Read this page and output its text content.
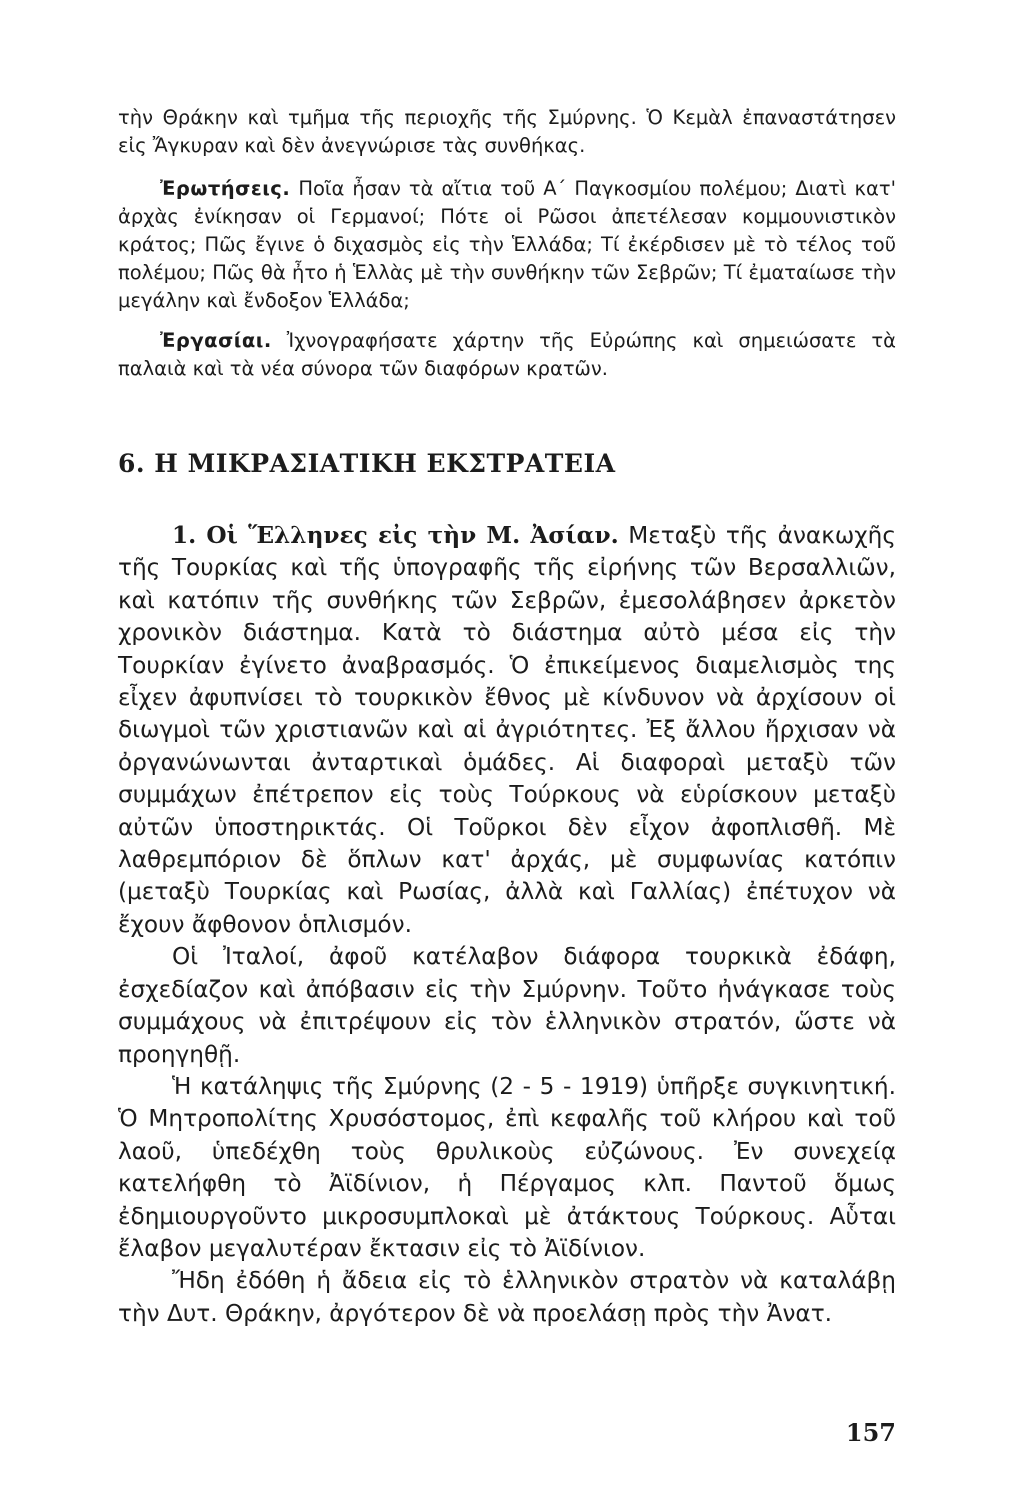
τὴν Θράκην καὶ τμῆμα τῆς περιοχῆς τῆς Σμύρνης. Ὁ Κεμὰλ ἐπαναστάτησεν εἰς Ἄγκυραν καὶ δὲν ἀνεγνώρισε τὰς συνθήκας.

Ἐρωτήσεις. Ποῖα ἦσαν τὰ αἴτια τοῦ Α΄ Παγκοσμίου πολέμου; Διατὶ κατ' ἀρχὰς ἐνίκησαν οἱ Γερμανοί; Πότε οἱ Ρῶσοι ἀπετέλεσαν κομμουνιστικὸν κράτος; Πῶς ἔγινε ὁ διχασμὸς εἰς τὴν Ἑλλάδα; Τί ἐκέρδισεν μὲ τὸ τέλος τοῦ πολέμου; Πῶς θὰ ἦτο ἡ Ἑλλὰς μὲ τὴν συνθήκην τῶν Σεβρῶν; Τί ἐματαίωσε τὴν μεγάλην καὶ ἔνδοξον Ἑλλάδα;

Ἐργασίαι. Ἰχνογραφήσατε χάρτην τῆς Εὐρώπης καὶ σημειώσατε τὰ παλαιὰ καὶ τὰ νέα σύνορα τῶν διαφόρων κρατῶν.

6. Η ΜΙΚΡΑΣΙΑΤΙΚΗ ΕΚΣΤΡΑΤΕΙΑ

1. Οἱ Ἕλληνες εἰς τὴν Μ. Ἀσίαν. Μεταξὺ τῆς ἀνακωχῆς τῆς Τουρκίας καὶ τῆς ὑπογραφῆς τῆς εἰρήνης τῶν Βερσαλλιῶν, καὶ κατόπιν τῆς συνθήκης τῶν Σεβρῶν, ἐμεσολάβησεν ἀρκετὸν χρονικὸν διάστημα. Κατὰ τὸ διάστημα αὐτὸ μέσα εἰς τὴν Τουρκίαν ἐγίνετο ἀναβρασμός. Ὁ ἐπικείμενος διαμελισμὸς της εἶχεν ἀφυπνίσει τὸ τουρκικὸν ἔθνος μὲ κίνδυνον νὰ ἀρχίσουν οἱ διωγμοὶ τῶν χριστιανῶν καὶ αἱ ἀγριότητες. Ἐξ ἄλλου ἤρχισαν νὰ ὀργανώνωνται ἀνταρτικαὶ ὁμάδες. Αἱ διαφοραὶ μεταξὺ τῶν συμμάχων ἐπέτρεπον εἰς τοὺς Τούρκους νὰ εὑρίσκουν μεταξὺ αὐτῶν ὑποστηρικτάς. Οἱ Τοῦρκοι δὲν εἶχον ἀφοπλισθῆ. Μὲ λαθρεμπόριον δὲ ὅπλων κατ' ἀρχάς, μὲ συμφωνίας κατόπιν (μεταξὺ Τουρκίας καὶ Ρωσίας, ἀλλὰ καὶ Γαλλίας) ἐπέτυχον νὰ ἔχουν ἄφθονον ὁπλισμόν.

Οἱ Ἰταλοί, ἀφοῦ κατέλαβον διάφορα τουρκικὰ ἐδάφη, ἐσχεδίαζον καὶ ἀπόβασιν εἰς τὴν Σμύρνην. Τοῦτο ἠνάγκασε τοὺς συμμάχους νὰ ἐπιτρέψουν εἰς τὸν ἑλληνικὸν στρατόν, ὥστε νὰ προηγηθῇ.

Ἡ κατάληψις τῆς Σμύρνης (2 - 5 - 1919) ὑπῆρξε συγκινητική. Ὁ Μητροπολίτης Χρυσόστομος, ἐπὶ κεφαλῆς τοῦ κλήρου καὶ τοῦ λαοῦ, ὑπεδέχθη τοὺς θρυλικοὺς εὐζώνους. Ἐν συνεχείᾳ κατελήφθη τὸ Ἀϊδίνιον, ἡ Πέργαμος κλπ. Παντοῦ ὅμως ἐδημιουργοῦντο μικροσυμπλοκαὶ μὲ ἀτάκτους Τούρκους. Αὗται ἔλαβον μεγαλυτέραν ἔκτασιν εἰς τὸ Ἀϊδίνιον.

Ἤδη ἐδόθη ἡ ἄδεια εἰς τὸ ἑλληνικὸν στρατὸν νὰ καταλάβῃ τὴν Δυτ. Θράκην, ἀργότερον δὲ νὰ προελάσῃ πρὸς τὴν Ἀνατ.

157
